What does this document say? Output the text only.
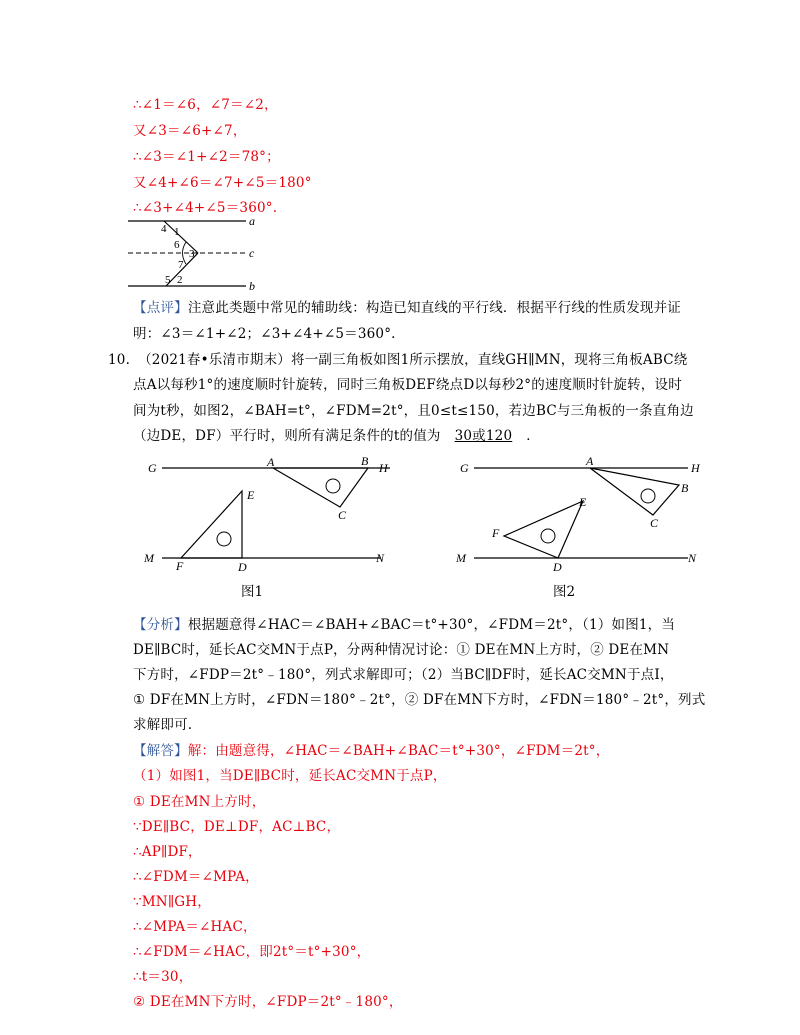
∴∠1＝∠6，∠7＝∠2，
又∠3＝∠6+∠7，
∴∠3＝∠1+∠2＝78°；
又∠4+∠6＝∠7+∠5＝180°
∴∠3+∠4+∠5＝360°.
a
c
b
4 1
6
3
7
5 2
【点评】注意此类题中常见的辅助线：构造已知直线的平行线．根据平行线的性质发现并证
明：∠3＝∠1+∠2；∠3+∠4+∠5＝360°.
10. （2021春•乐清市期末）将一副三角板如图1所示摆放，直线GH∥MN，现将三角板ABC绕
点A以每秒1°的速度顺时针旋转，同时三角板DEF绕点D以每秒2°的速度顺时针旋转，设时
间为t秒，如图2，∠BAH=t°，∠FDM=2t°，且0≤t≤150，若边BC与三角板的一条直角边
（边DE，DF）平行时，则所有满足条件的t的值为 30或120 ．
G	A	B H
E
C
M
F	D
N
图1
G	A	H
B
E
C
F
M
D
N
图2
【分析】根据题意得∠HAC＝∠BAH+∠BAC＝t°+30°，∠FDM＝2t°，（1）如图1，当
DE∥BC时，延长AC交MN于点P，分两种情况讨论：① DE在MN上方时，② DE在MN
下方时，∠FDP＝2t°﹣180°，列式求解即可；（2）当BC∥DF时，延长AC交MN于点I，
① DF在MN上方时，∠FDN＝180°﹣2t°，② DF在MN下方时，∠FDN＝180°﹣2t°，列式
求解即可.
【解答】解：由题意得，∠HAC＝∠BAH+∠BAC＝t°+30°，∠FDM＝2t°，
（1）如图1，当DE∥BC时，延长AC交MN于点P，
① DE在MN上方时，
∵DE∥BC，DE⊥DF，AC⊥BC，
∴AP∥DF，
∴∠FDM＝∠MPA，
∵MN∥GH，
∴∠MPA＝∠HAC，
∴∠FDM＝∠HAC，即2t°＝t°+30°，
∴t＝30，
② DE在MN下方时，∠FDP＝2t°﹣180°，
